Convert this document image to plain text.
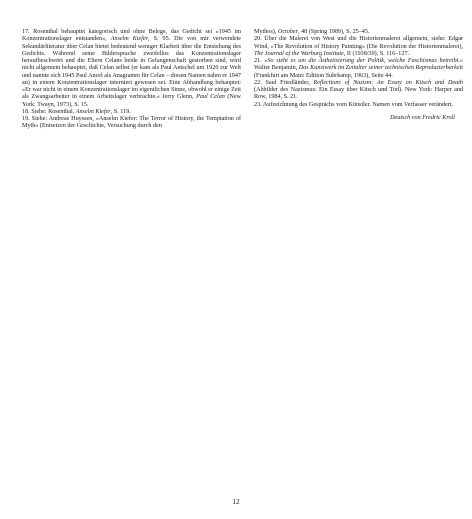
17. Rosenthal behauptet kategorisch und ohne Belege, das Gedicht sei »1945 im Konzentrationslager entstanden«, Anselm Kiefer, S. 95. Die von mir verwendete Sekundärliteratur über Celan bietet bedeutend weniger Klarheit über die Entstehung des Gedichts. Während seine Bildersprache zweifellos das Konzentrationslager heraufbeschwört und die Eltern Celans beide in Gefangenschaft gestorben sind, wird nicht allgemein behauptet, daß Celan selbst (er kam als Paul Antschel um 1920 zur Welt und nannte sich 1945 Paul Ancel als Anagramm für Celan – diesen Namen nahm er 1947 an) in einem Konzentrationslager interniert gewesen sei. Eine Abhandlung behauptet: »Er war nicht in einem Konzentrationslager im eigentlichen Sinne, obwohl er einige Zeit als Zwangsarbeiter in einem Arbeitslager verbrachte.« Jerry Glenn, Paul Celan (New York: Twayn, 1973), S. 15.

18. Siehe: Rosenthal, Anselm Kiefer, S. 119.

19. Siehe: Andreas Huyssen, »Anselm Kiefer: The Terror of History, the Temptation of Myth« (Entsetzen der Geschichte, Versuchung durch den

Mythos), October, 48 (Spring 1989), S. 25–45.

20. Über die Malerei von West und die Historienmalerei allgemein, siehe: Edgar Wind, »The Revolution of History Painting« (Die Revolution der Historienmalerei), The Journal of the Warburg Institute, II (1938/39), S. 116–127.

21. »So steht es um die Ästhetisierung der Politik, welche Faschismus betreibt.« Walter Benjamin, Das Kunstwerk im Zeitalter seiner technischen Reproduzierbarkeit (Frankfurt am Main: Edition Suhrkamp, 1963), Seite 44.

22. Saul Friedländer, Reflections of Nazism: An Essay on Kitsch and Death (Abbilder des Nazismus: Ein Essay über Kitsch und Tod). New York: Harper and Row, 1984, S. 21.

23. Aufzeichnung des Gesprächs vom Künstler. Namen vom Verfasser verändert.

Deutsch von Fredric Kroll
12
